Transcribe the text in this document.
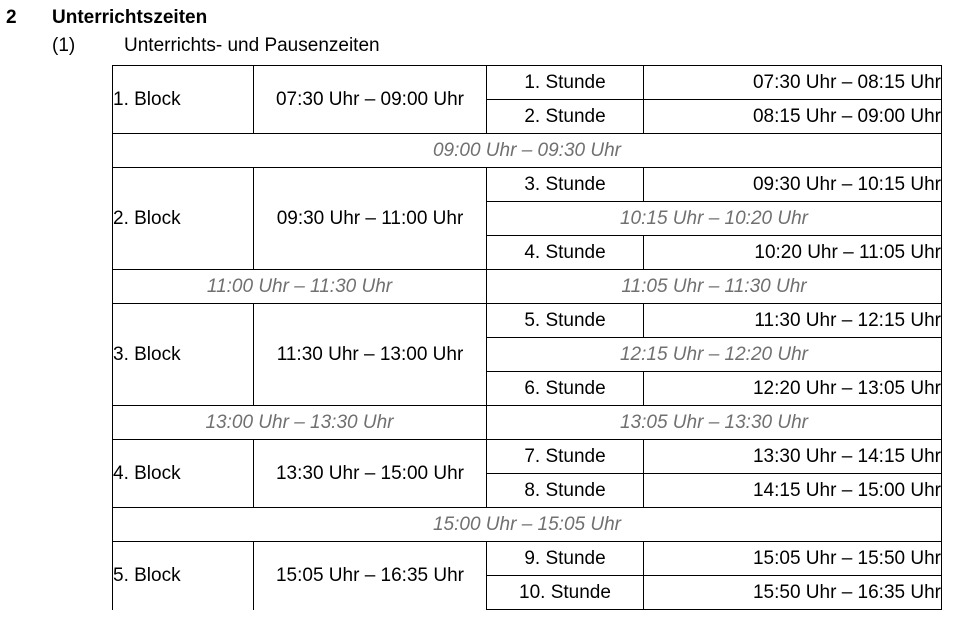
2 Unterrichtszeiten
(1)	Unterrichts- und Pausenzeiten
1. Block	07:30 Uhr – 09:00 Uhr	1. Stunde	07:30 Uhr – 08:15 Uhr
		2. Stunde	08:15 Uhr – 09:00 Uhr
09:00 Uhr – 09:30 Uhr			
2. Block	09:30 Uhr – 11:00 Uhr	3. Stunde	09:30 Uhr – 10:15 Uhr
		10:15 Uhr – 10:20 Uhr	
		4. Stunde	10:20 Uhr – 11:05 Uhr
11:00 Uhr – 11:30 Uhr		11:05 Uhr – 11:30 Uhr	
3. Block	11:30 Uhr – 13:00 Uhr	5. Stunde	11:30 Uhr – 12:15 Uhr
		12:15 Uhr – 12:20 Uhr	
		6. Stunde	12:20 Uhr – 13:05 Uhr
13:00 Uhr – 13:30 Uhr		13:05 Uhr – 13:30 Uhr	
4. Block	13:30 Uhr – 15:00 Uhr	7. Stunde	13:30 Uhr – 14:15 Uhr
		8. Stunde	14:15 Uhr – 15:00 Uhr
15:00 Uhr – 15:05 Uhr			
5. Block	15:05 Uhr – 16:35 Uhr	9. Stunde	15:05 Uhr – 15:50 Uhr
		10. Stunde	15:50 Uhr – 16:35 Uhr
